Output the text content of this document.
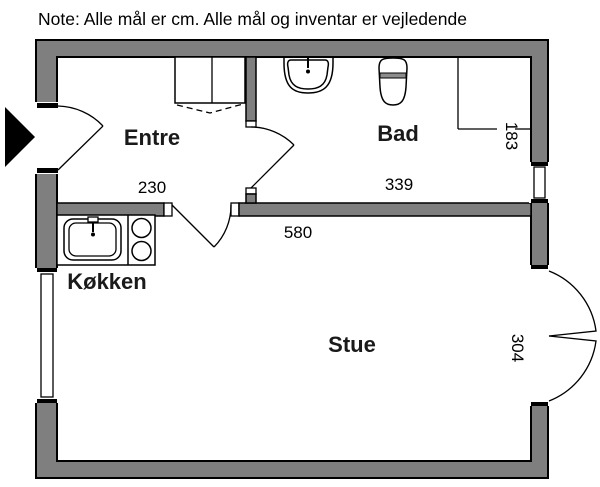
Note: Alle mål er cm. Alle mål og inventar er vejledende
Entre	Bad
Køkken
Stue
230	339
580
183
304
